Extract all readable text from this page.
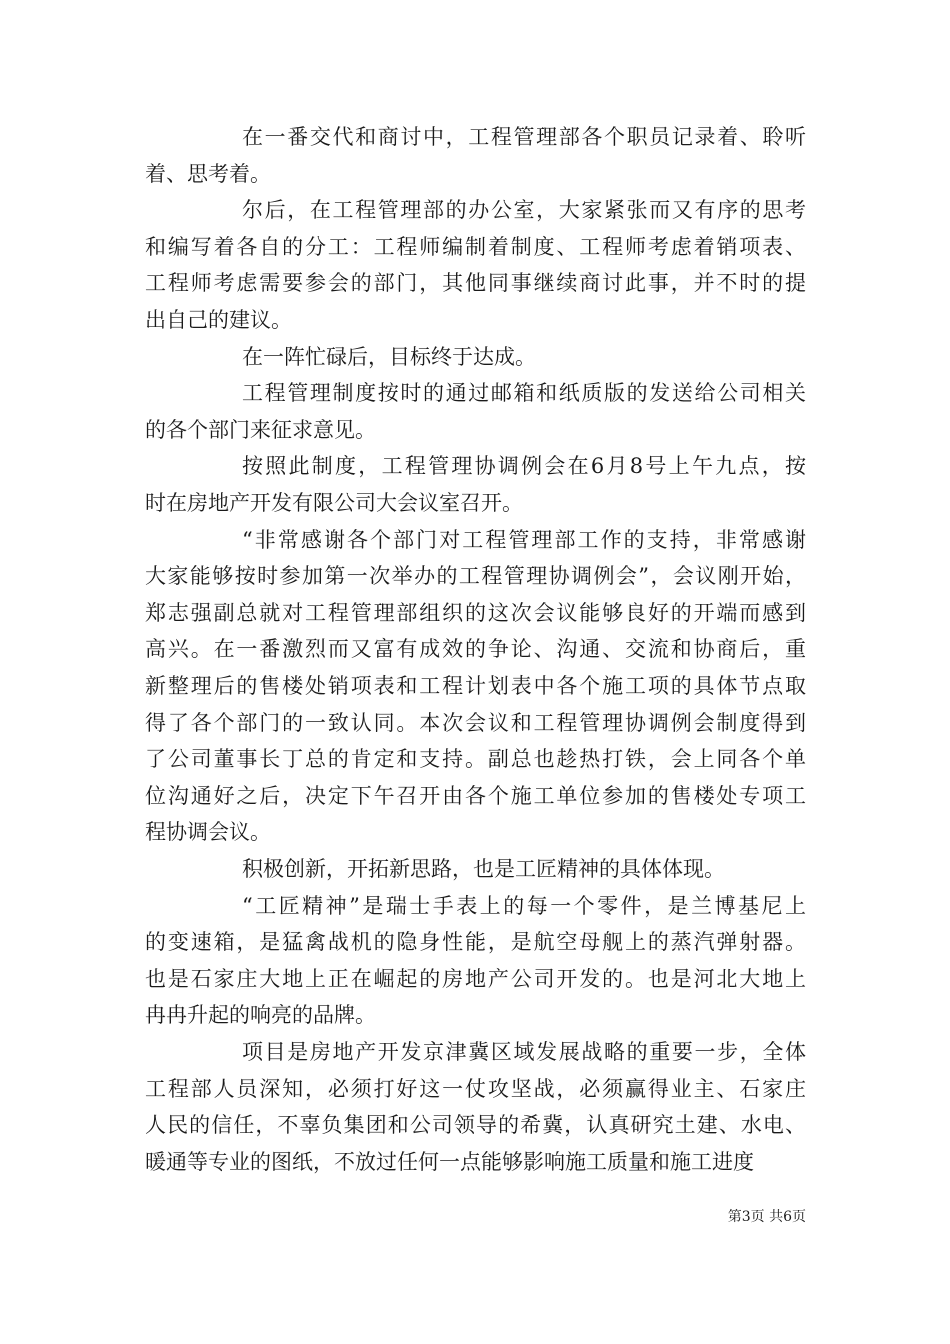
在一番交代和商讨中，工程管理部各个职员记录着、聆听
着、思考着。
尔后，在工程管理部的办公室，大家紧张而又有序的思考
和编写着各自的分工：工程师编制着制度、工程师考虑着销项表、
工程师考虑需要参会的部门，其他同事继续商讨此事，并不时的提
出自己的建议。
在一阵忙碌后，目标终于达成。
工程管理制度按时的通过邮箱和纸质版的发送给公司相关
的各个部门来征求意见。
按照此制度，工程管理协调例会在6月8号上午九点，按
时在房地产开发有限公司大会议室召开。
“非常感谢各个部门对工程管理部工作的支持，非常感谢
大家能够按时参加第一次举办的工程管理协调例会”，会议刚开始，
郑志强副总就对工程管理部组织的这次会议能够良好的开端而感到
高兴。在一番激烈而又富有成效的争论、沟通、交流和协商后，重
新整理后的售楼处销项表和工程计划表中各个施工项的具体节点取
得了各个部门的一致认同。本次会议和工程管理协调例会制度得到
了公司董事长丁总的肯定和支持。副总也趁热打铁，会上同各个单
位沟通好之后，决定下午召开由各个施工单位参加的售楼处专项工
程协调会议。
积极创新，开拓新思路，也是工匠精神的具体体现。
“工匠精神”是瑞士手表上的每一个零件，是兰博基尼上
的变速箱，是猛禽战机的隐身性能，是航空母舰上的蒸汽弹射器。
也是石家庄大地上正在崛起的房地产公司开发的。也是河北大地上
冉冉升起的响亮的品牌。
项目是房地产开发京津冀区域发展战略的重要一步，全体
工程部人员深知，必须打好这一仗攻坚战，必须赢得业主、石家庄
人民的信任，不辜负集团和公司领导的希冀，认真研究土建、水电、
暖通等专业的图纸，不放过任何一点能够影响施工质量和施工进度
第3页 共6页
